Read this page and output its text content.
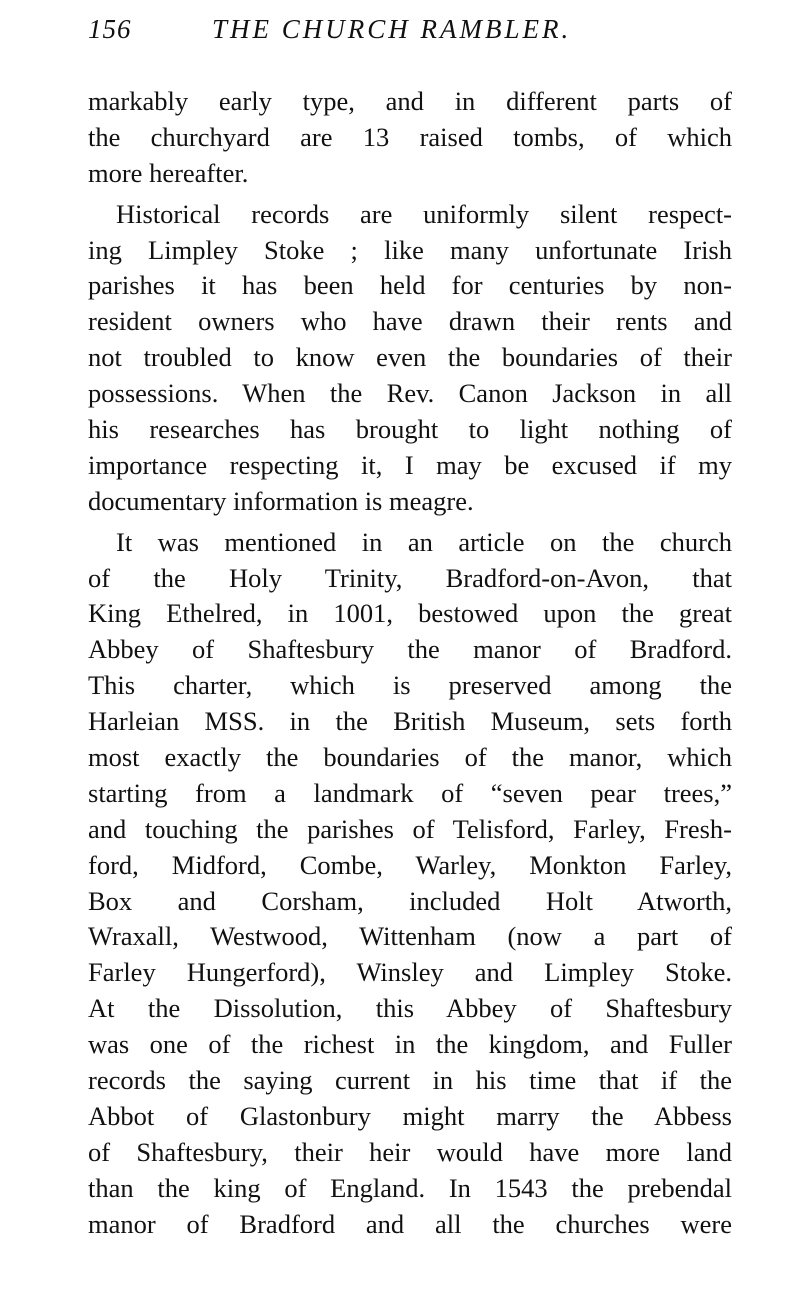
156	THE CHURCH RAMBLER.
markably early type, and in different parts of
the churchyard are 13 raised tombs, of which
more hereafter.
Historical records are uniformly silent respect-
ing Limpley Stoke ; like many unfortunate Irish
parishes it has been held for centuries by non-
resident owners who have drawn their rents and
not troubled to know even the boundaries of their
possessions. When the Rev. Canon Jackson in all
his researches has brought to light nothing of
importance respecting it, I may be excused if my
documentary information is meagre.
It was mentioned in an article on the church
of the Holy Trinity, Bradford-on-Avon, that
King Ethelred, in 1001, bestowed upon the great
Abbey of Shaftesbury the manor of Bradford.
This charter, which is preserved among the
Harleian MSS. in the British Museum, sets forth
most exactly the boundaries of the manor, which
starting from a landmark of “seven pear trees,”
and touching the parishes of Telisford, Farley, Fresh-
ford, Midford, Combe, Warley, Monkton Farley,
Box and Corsham, included Holt Atworth,
Wraxall, Westwood, Wittenham (now a part of
Farley Hungerford), Winsley and Limpley Stoke.
At the Dissolution, this Abbey of Shaftesbury
was one of the richest in the kingdom, and Fuller
records the saying current in his time that if the
Abbot of Glastonbury might marry the Abbess
of Shaftesbury, their heir would have more land
than the king of England. In 1543 the prebendal
manor of Bradford and all the churches were
